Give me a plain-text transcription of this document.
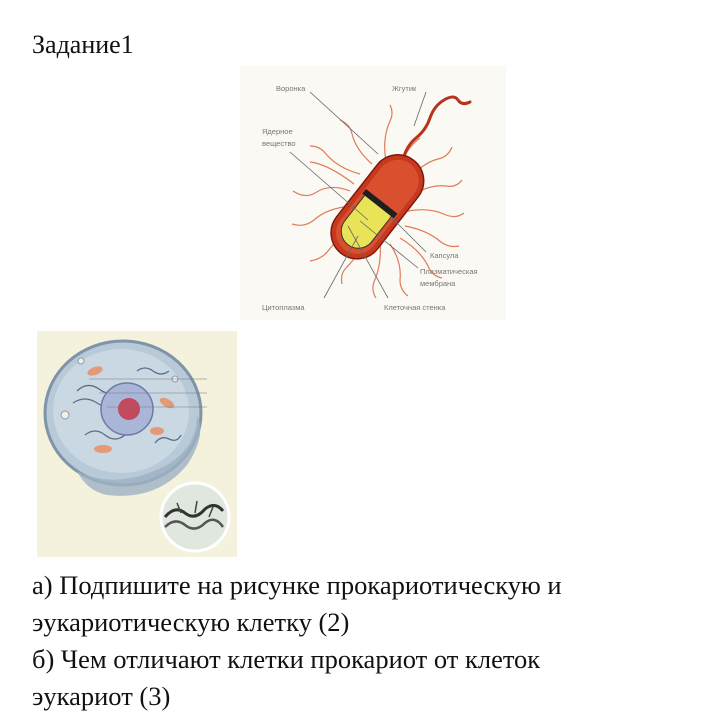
Задание1
Воронка	Жгутик
Ядерное
вещество
Капсула
Плазматическая
мембрана
Цитоплазма	Клеточная стенка
а) Подпишите на рисунке прокариотическую и
эукариотическую клетку (2)
б) Чем отличают клетки прокариот от клеток
эукариот (3)
